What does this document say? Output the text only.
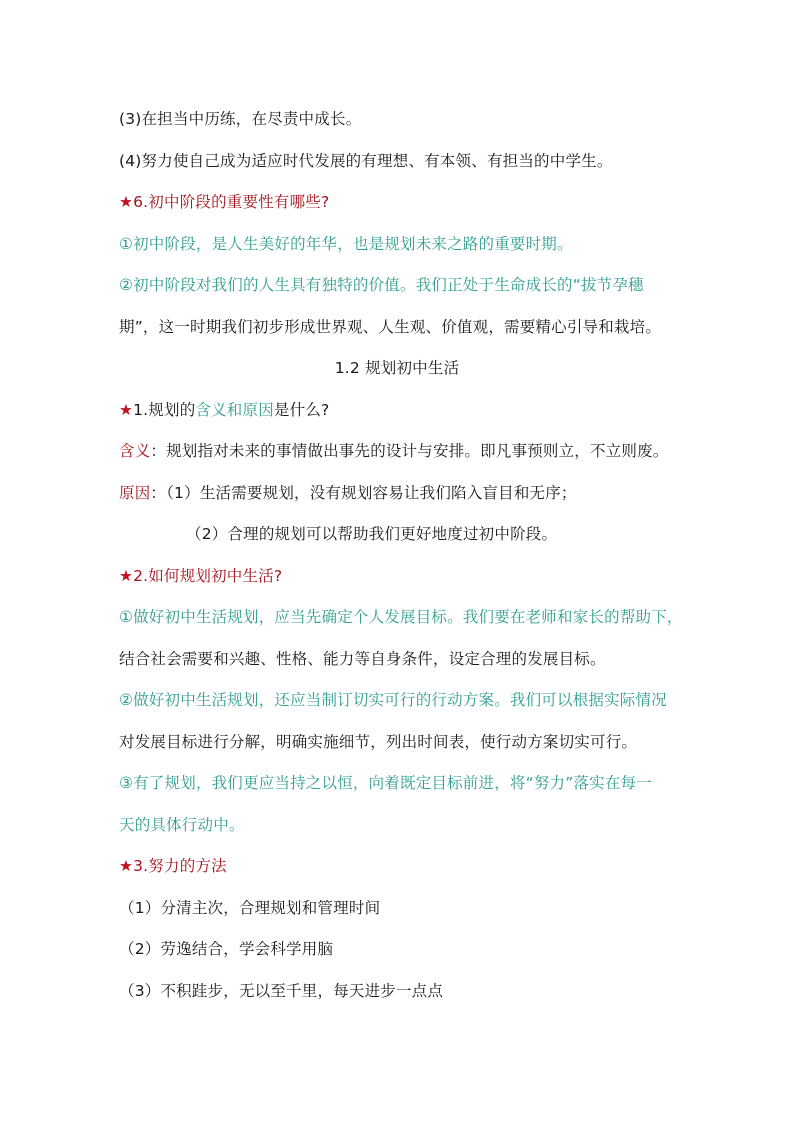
(3)在担当中历练，在尽责中成长。
(4)努力使自己成为适应时代发展的有理想、有本领、有担当的中学生。
★6.初中阶段的重要性有哪些?
①初中阶段，是人生美好的年华，也是规划未来之路的重要时期。
②初中阶段对我们的人生具有独特的价值。我们正处于生命成长的“拔节孕穗
期”，这一时期我们初步形成世界观、人生观、价值观，需要精心引导和栽培。
1.2 规划初中生活
★1.规划的含义和原因是什么?
含义：规划指对未来的事情做出事先的设计与安排。即凡事预则立，不立则废。
原因：（1）生活需要规划，没有规划容易让我们陷入盲目和无序；
（2）合理的规划可以帮助我们更好地度过初中阶段。
★2.如何规划初中生活?
①做好初中生活规划，应当先确定个人发展目标。我们要在老师和家长的帮助下，
结合社会需要和兴趣、性格、能力等自身条件，设定合理的发展目标。
②做好初中生活规划，还应当制订切实可行的行动方案。我们可以根据实际情况
对发展目标进行分解，明确实施细节，列出时间表，使行动方案切实可行。
③有了规划，我们更应当持之以恒，向着既定目标前进，将“努力”落实在每一
天的具体行动中。
★3.努力的方法
（1）分清主次，合理规划和管理时间
（2）劳逸结合，学会科学用脑
（3）不积跬步，无以至千里，每天进步一点点
